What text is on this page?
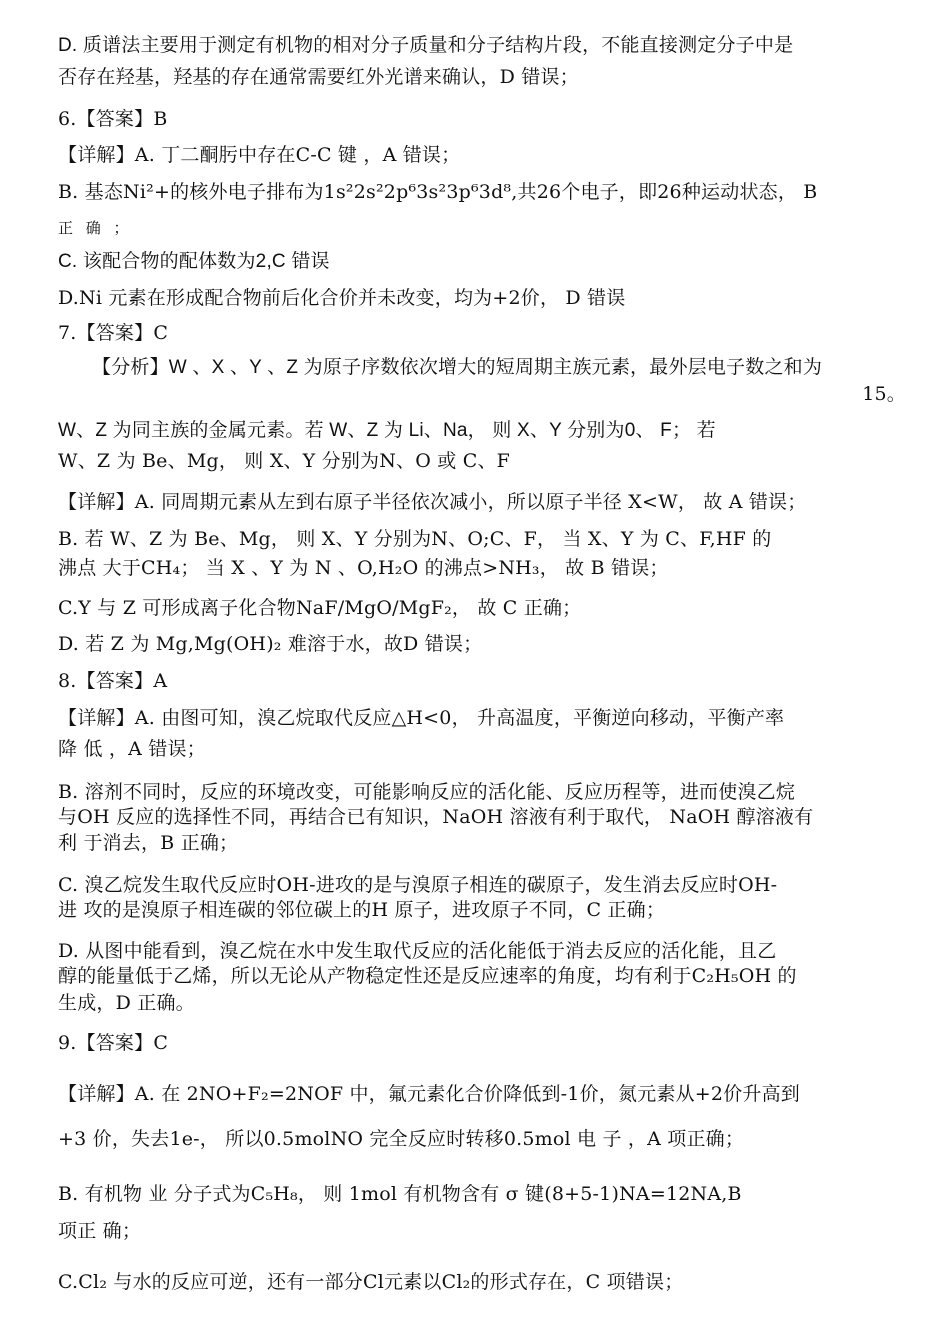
D. 质谱法主要用于测定有机物的相对分子质量和分子结构片段，不能直接测定分子中是
否存在羟基，羟基的存在通常需要红外光谱来确认，D 错误；
6.【答案】B
【详解】A. 丁二酮肟中存在C-C 键 ，A 错误；
B. 基态Ni²+的核外电子排布为1s²2s²2p⁶3s²3p⁶3d⁸,共26个电子，即26种运动状态， B
正 确 ；
C. 该配合物的配体数为2,C 错误
D.Ni 元素在形成配合物前后化合价并未改变，均为+2价， D 错误
7.【答案】C
【分析】W 、X 、Y 、Z 为原子序数依次增大的短周期主族元素，最外层电子数之和为
15。
W、Z 为同主族的金属元素。若 W、Z 为 Li、Na， 则 X、Y 分别为0、 F； 若
W、Z 为 Be、Mg， 则 X、Y 分别为N、O 或 C、F
【详解】A. 同周期元素从左到右原子半径依次减小，所以原子半径 X<W， 故 A 错误；
B. 若 W、Z 为 Be、Mg， 则 X、Y 分别为N、O;C、F， 当 X、Y 为 C、F,HF 的
沸点 大于CH₄； 当 X 、Y 为 N 、O,H₂O 的沸点>NH₃， 故 B 错误；
C.Y 与 Z 可形成离子化合物NaF/MgO/MgF₂， 故 C 正确；
D. 若 Z 为 Mg,Mg(OH)₂ 难溶于水，故D 错误；
8.【答案】A
【详解】A. 由图可知，溴乙烷取代反应△H<0， 升高温度，平衡逆向移动，平衡产率
降 低 ，A 错误；
B. 溶剂不同时，反应的环境改变，可能影响反应的活化能、反应历程等，进而使溴乙烷
与OH 反应的选择性不同，再结合已有知识，NaOH 溶液有利于取代， NaOH 醇溶液有
利 于消去，B 正确；
C. 溴乙烷发生取代反应时OH-进攻的是与溴原子相连的碳原子，发生消去反应时OH-
进 攻的是溴原子相连碳的邻位碳上的H 原子，进攻原子不同，C 正确；
D. 从图中能看到，溴乙烷在水中发生取代反应的活化能低于消去反应的活化能，且乙
醇的能量低于乙烯，所以无论从产物稳定性还是反应速率的角度，均有利于C₂H₅OH 的
生成，D 正确。
9.【答案】C
【详解】A. 在 2NO+F₂=2NOF 中，氟元素化合价降低到-1价，氮元素从+2价升高到
+3 价，失去1e-， 所以0.5molNO 完全反应时转移0.5mol 电 子 ，A 项正确；
B. 有机物 业 分子式为C₅H₈， 则 1mol 有机物含有 σ 键(8+5-1)NA=12NA,B
项正 确；
C.Cl₂ 与水的反应可逆，还有一部分Cl元素以Cl₂的形式存在，C 项错误；
